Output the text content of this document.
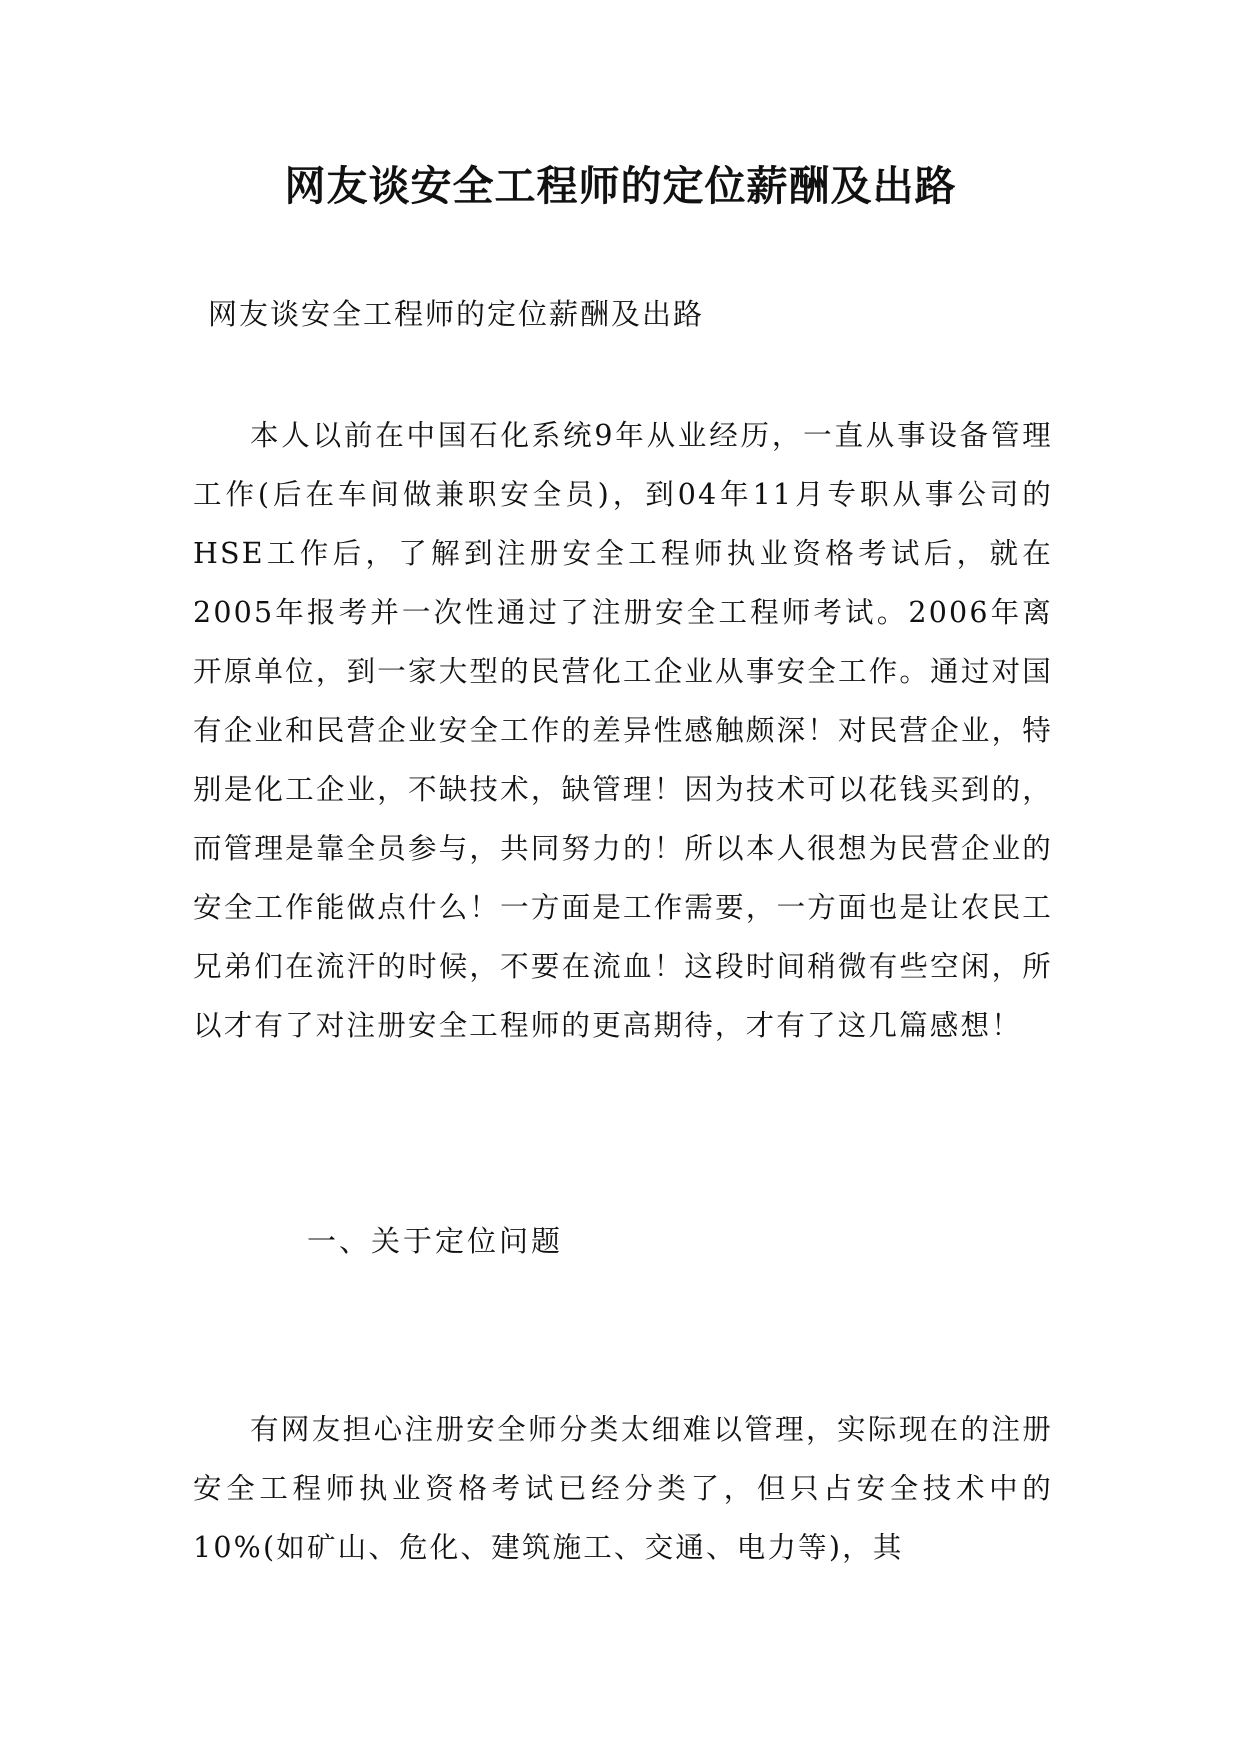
网友谈安全工程师的定位薪酬及出路

网友谈安全工程师的定位薪酬及出路

本人以前在中国石化系统9年从业经历，一直从事设备管理工作(后在车间做兼职安全员)，到04年11月专职从事公司的HSE工作后，了解到注册安全工程师执业资格考试后，就在2005年报考并一次性通过了注册安全工程师考试。2006年离开原单位，到一家大型的民营化工企业从事安全工作。通过对国有企业和民营企业安全工作的差异性感触颇深！对民营企业，特别是化工企业，不缺技术，缺管理！因为技术可以花钱买到的，而管理是靠全员参与，共同努力的！所以本人很想为民营企业的安全工作能做点什么！一方面是工作需要，一方面也是让农民工兄弟们在流汗的时候，不要在流血！这段时间稍微有些空闲，所以才有了对注册安全工程师的更高期待，才有了这几篇感想！

一、关于定位问题

有网友担心注册安全师分类太细难以管理，实际现在的注册安全工程师执业资格考试已经分类了，但只占安全技术中的10%(如矿山、危化、建筑施工、交通、电力等)，其
